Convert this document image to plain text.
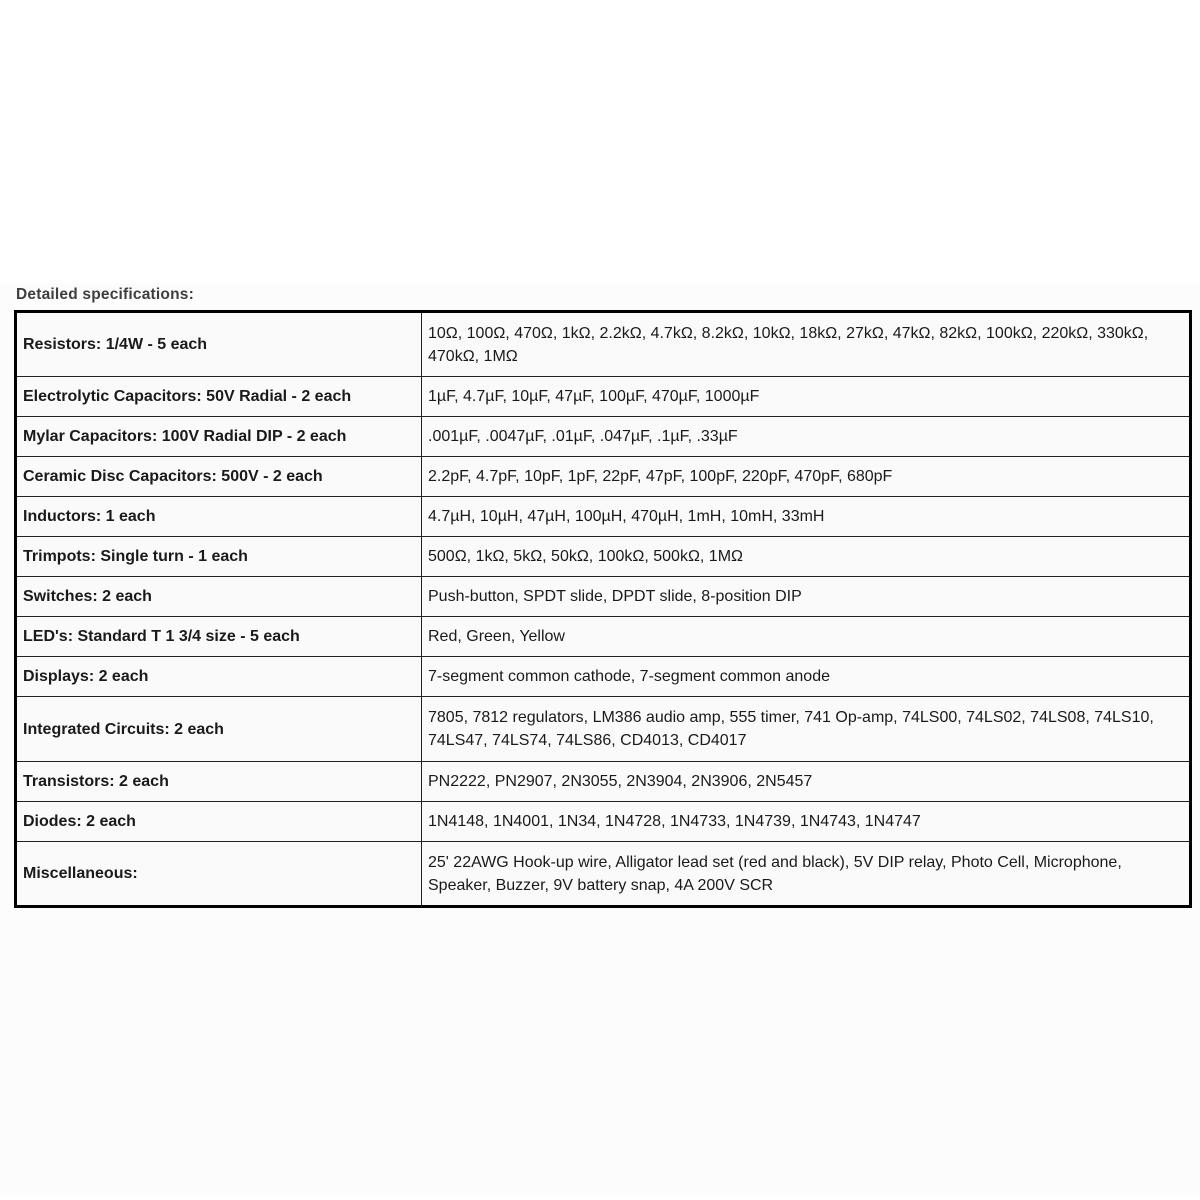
Detailed specifications:
Resistors: 1/4W - 5 each	10Ω, 100Ω, 470Ω, 1kΩ, 2.2kΩ, 4.7kΩ, 8.2kΩ, 10kΩ, 18kΩ, 27kΩ, 47kΩ, 82kΩ, 100kΩ, 220kΩ, 330kΩ, 470kΩ, 1MΩ
Electrolytic Capacitors: 50V Radial - 2 each	1µF, 4.7µF, 10µF, 47µF, 100µF, 470µF, 1000µF
Mylar Capacitors: 100V Radial DIP - 2 each	.001µF, .0047µF, .01µF, .047µF, .1µF, .33µF
Ceramic Disc Capacitors: 500V - 2 each	2.2pF, 4.7pF, 10pF, 1pF, 22pF, 47pF, 100pF, 220pF, 470pF, 680pF
Inductors: 1 each	4.7µH, 10µH, 47µH, 100µH, 470µH, 1mH, 10mH, 33mH
Trimpots: Single turn - 1 each	500Ω, 1kΩ, 5kΩ, 50kΩ, 100kΩ, 500kΩ, 1MΩ
Switches: 2 each	Push-button, SPDT slide, DPDT slide, 8-position DIP
LED's: Standard T 1 3/4 size - 5 each	Red, Green, Yellow
Displays: 2 each	7-segment common cathode, 7-segment common anode
Integrated Circuits: 2 each	7805, 7812 regulators, LM386 audio amp, 555 timer, 741 Op-amp, 74LS00, 74LS02, 74LS08, 74LS10, 74LS47, 74LS74, 74LS86, CD4013, CD4017
Transistors: 2 each	PN2222, PN2907, 2N3055, 2N3904, 2N3906, 2N5457
Diodes: 2 each	1N4148, 1N4001, 1N34, 1N4728, 1N4733, 1N4739, 1N4743, 1N4747
Miscellaneous:	25' 22AWG Hook-up wire, Alligator lead set (red and black), 5V DIP relay, Photo Cell, Microphone, Speaker, Buzzer, 9V battery snap, 4A 200V SCR
